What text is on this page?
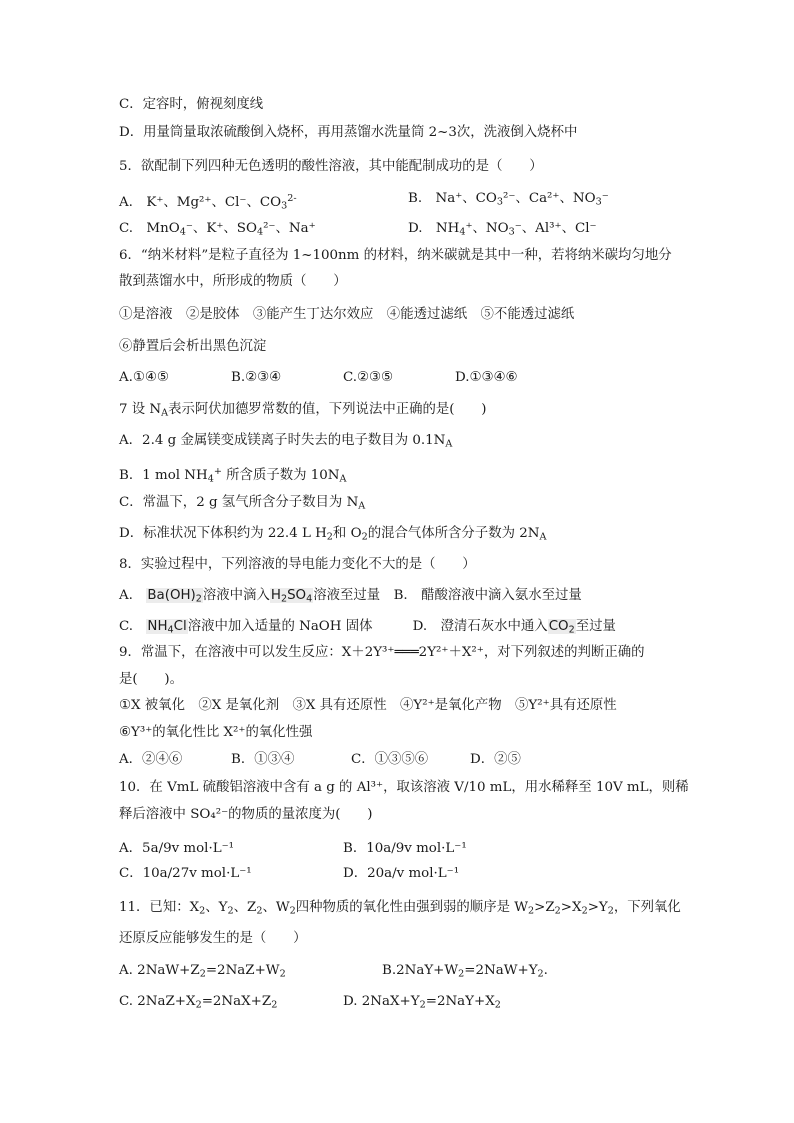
C．定容时，俯视刻度线
D．用量筒量取浓硫酸倒入烧杯，再用蒸馏水洗量筒 2~3次，洗液倒入烧杯中
5．欲配制下列四种无色透明的酸性溶液，其中能配制成功的是（　　）
A.　K⁺、Mg²⁺、Cl⁻、$CO_3^{2-}$	B.　Na⁺、$CO_3^{2-}$、Ca²⁺、$NO_3^-$
C.　MnO$_4$⁻、K⁺、$SO_4^{2-}$、Na⁺	D.　$NH_4^+$、$NO_3^-$、Al³⁺、Cl⁻
6．“纳米材料”是粒子直径为 1~100nm 的材料，纳米碳就是其中一种，若将纳米碳均匀地分
散到蒸馏水中，所形成的物质（　　）
①是溶液　②是胶体　③能产生丁达尔效应　④能透过滤纸　⑤不能透过滤纸
⑥静置后会析出黑色沉淀
A.①④⑤	B.②③④	C.②③⑤	D.①③④⑥
7 设 $N_A$表示阿伏加德罗常数的值，下列说法中正确的是(　　)
A．2.4 g 金属镁变成镁离子时失去的电子数目为 $0.1N_A$
B．1 mol $NH_4^+$ 所含质子数为 $10N_A$
C．常温下，2 g 氢气所含分子数目为 $N_A$
D．标准状况下体积约为 22.4 L $H_2$和 $O_2$的混合气体所含分子数为 $2N_A$
8．实验过程中，下列溶液的导电能力变化不大的是（　　）
A.　$Ba(OH)_2$溶液中滴入$H_2SO_4$溶液至过量　B.　醋酸溶液中滴入氨水至过量
C.　$NH_4Cl$溶液中加入适量的 NaOH 固体　　　D.　澄清石灰水中通入$CO_2$至过量
9．常温下，在溶液中可以发生反应：X＋2Y³⁺═══2Y²⁺＋X²⁺，对下列叙述的判断正确的
是(　　)。
①X 被氧化　②X 是氧化剂　③X 具有还原性　④Y²⁺是氧化产物　⑤Y²⁺具有还原性
⑥Y³⁺的氧化性比 X²⁺的氧化性强
A．②④⑥	B．①③④	C．①③⑤⑥	D．②⑤
10．在 VmL 硫酸铝溶液中含有 a g 的 Al³⁺，取该溶液 V/10 mL，用水稀释至 10V mL，则稀
释后溶液中 SO₄²⁻的物质的量浓度为(　　)
A．5a/9v mol·L⁻¹	B．10a/9v mol·L⁻¹
C．10a/27v mol·L⁻¹	D．20a/v mol·L⁻¹
11．已知：$X_2$、$Y_2$、$Z_2$、$W_2$四种物质的氧化性由强到弱的顺序是 $W_2>Z_2>X_2>Y_2$，下列氧化
还原反应能够发生的是（　　）
A. $2NaW+Z_2=2NaZ+W_2$	$B.2NaY+W_2=2NaW+Y_2$.
C. $2NaZ+X_2=2NaX+Z_2$	D. $2NaX+Y_2=2NaY+X_2$
